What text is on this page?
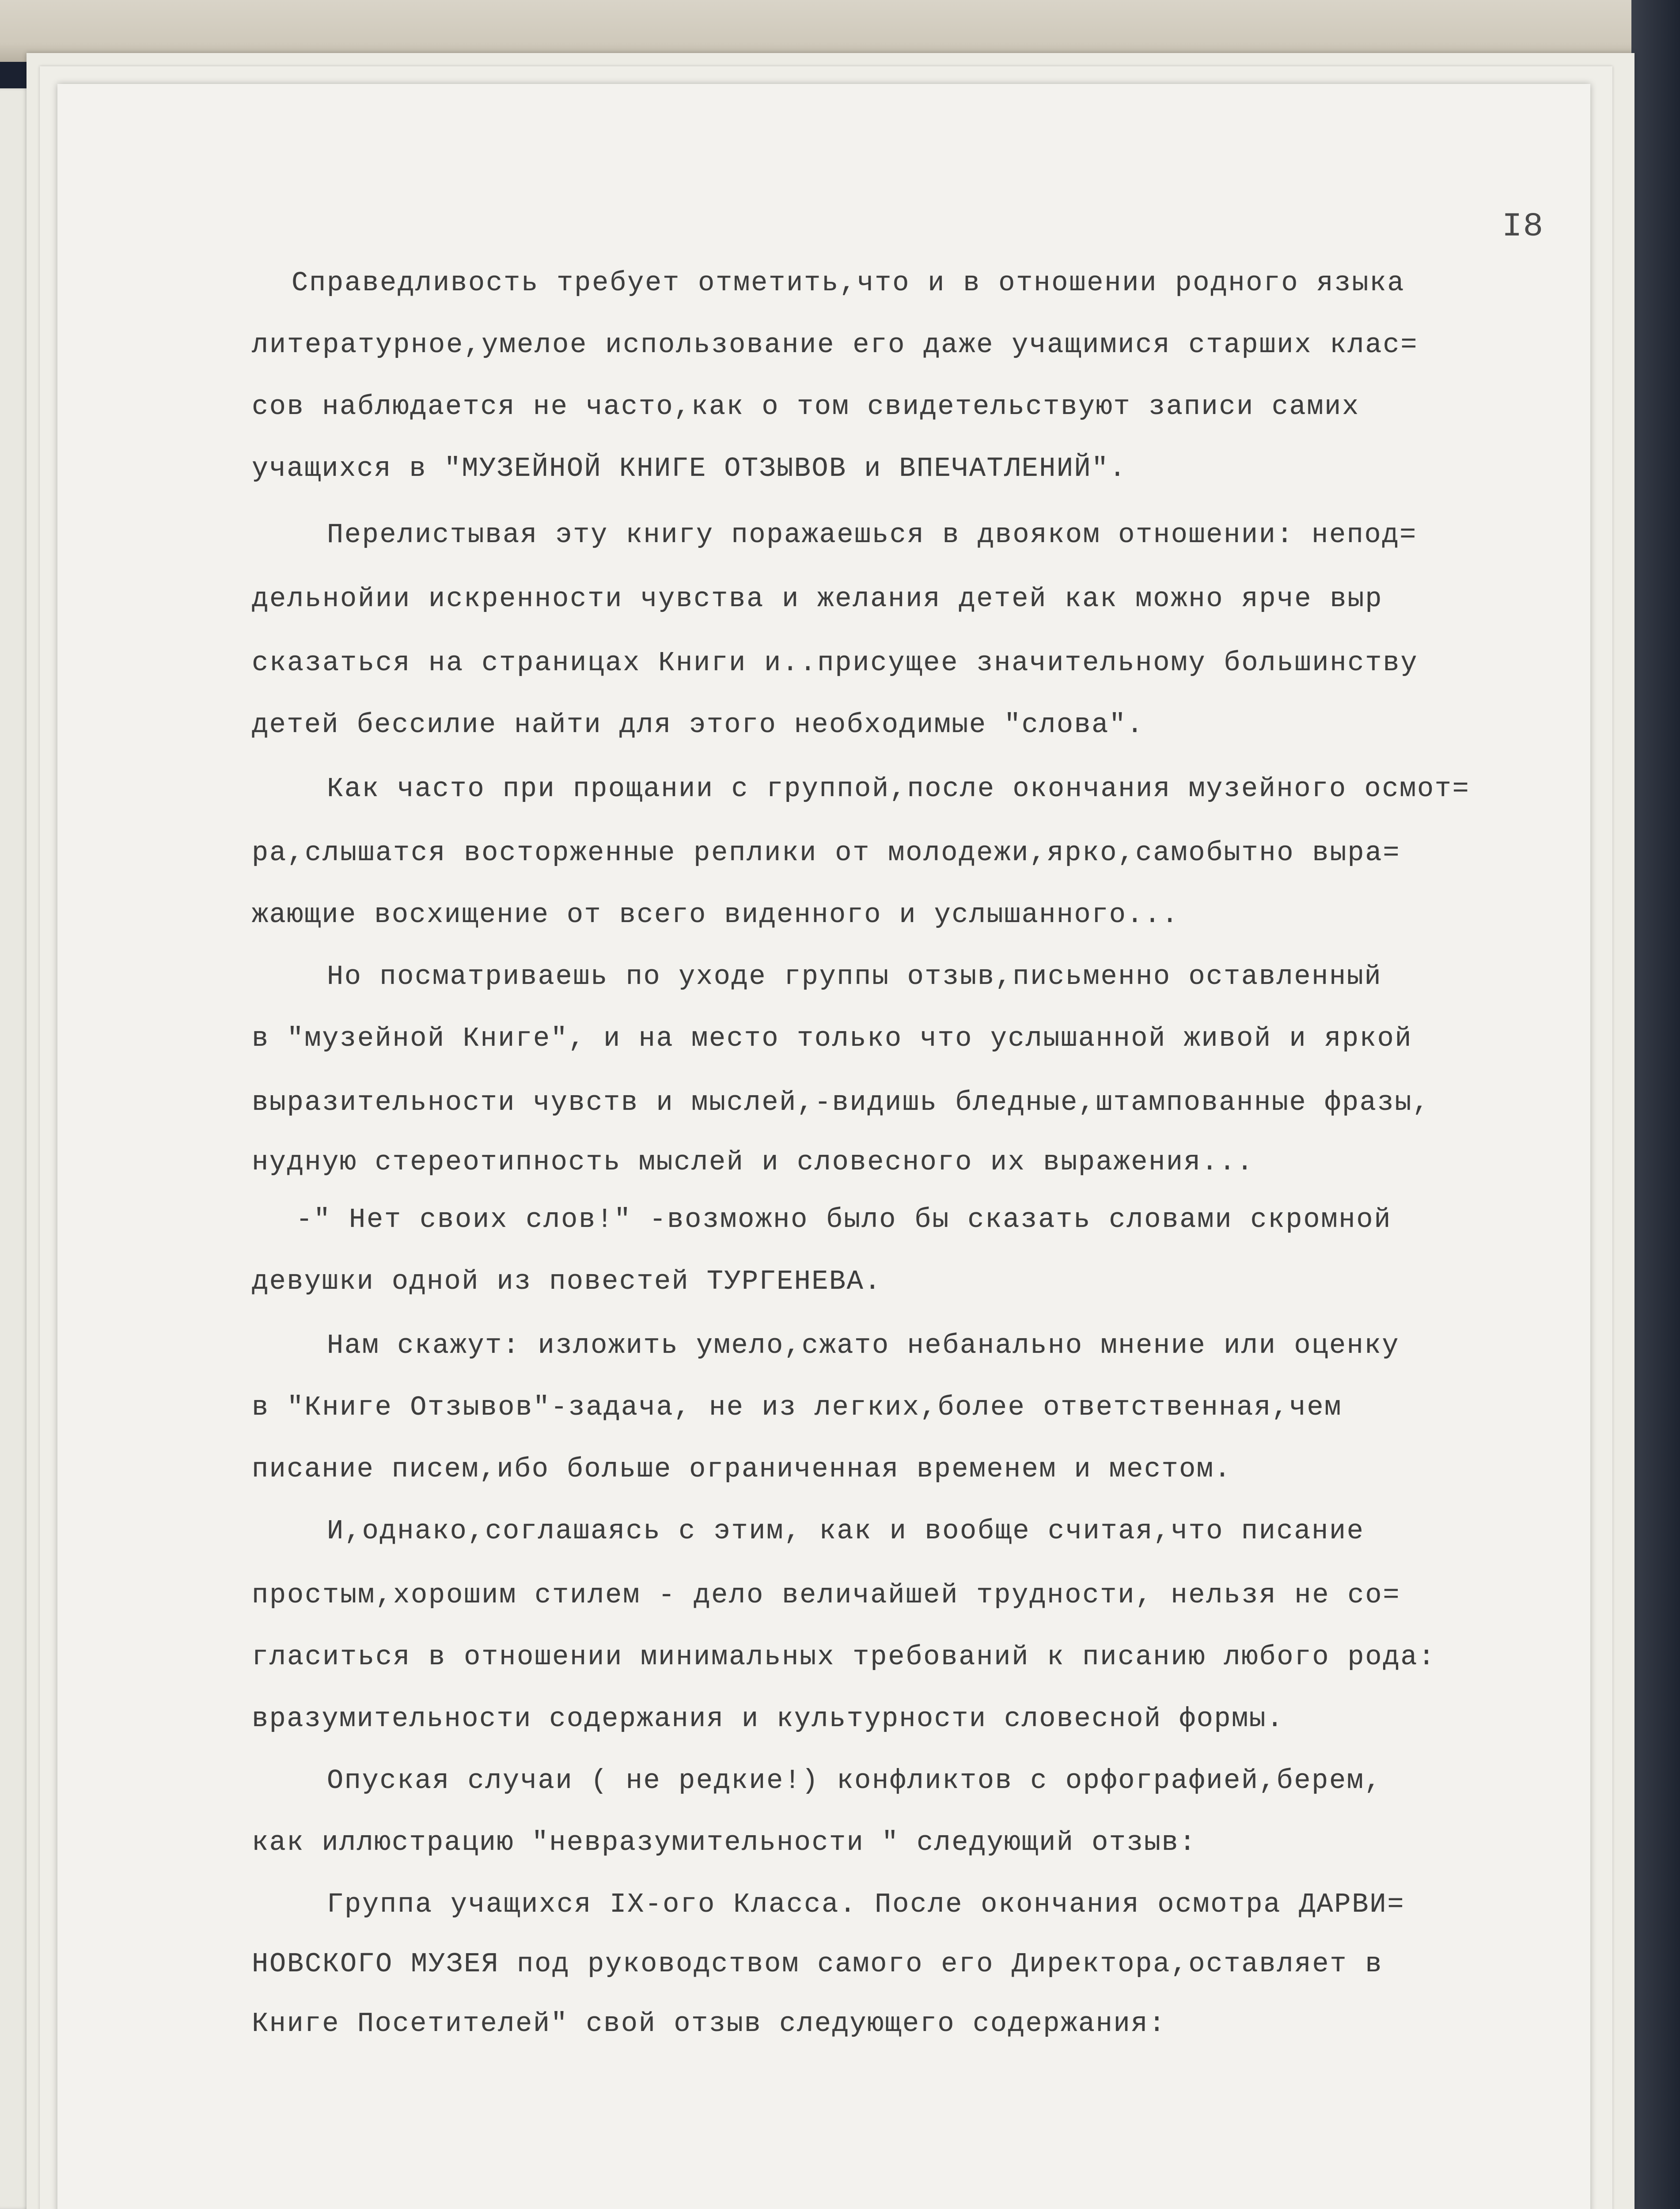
I8
Справедливость требует отметить,что и в отношении родного языка
литературное,умелое использование его даже учащимися старших клас=
сов наблюдается не часто,как о том свидетельствуют записи самих
учащихся в "МУЗЕЙНОЙ КНИГЕ ОТЗЫВОВ и ВПЕЧАТЛЕНИЙ".
Перелистывая эту книгу поражаешься в двояком отношении: непод=
дельнойии искренности чувства и желания детей как можно ярче выр
сказаться на страницах Книги и..присущее значительному большинству
детей бессилие найти для этого необходимые "слова".
Как часто при прощании с группой,после окончания музейного осмот=
ра,слышатся восторженные реплики от молодежи,ярко,самобытно выра=
жающие восхищение от всего виденного и услышанного...
Но посматриваешь по уходе группы отзыв,письменно оставленный
в "музейной Книге", и на место только что услышанной живой и яркой
выразительности чувств и мыслей,-видишь бледные,штампованные фразы,
нудную стереотипность мыслей и словесного их выражения...
-" Нет своих слов!" -возможно было бы сказать словами скромной
девушки одной из повестей ТУРГЕНЕВА.
Нам скажут: изложить умело,сжато небанально мнение или оценку
в "Книге Отзывов"-задача, не из легких,более ответственная,чем
писание писем,ибо больше ограниченная временем и местом.
И,однако,соглашаясь с этим, как и вообще считая,что писание
простым,хорошим стилем - дело величайшей трудности, нельзя не со=
гласиться в отношении минимальных требований к писанию любого рода:
вразумительности содержания и культурности словесной формы.
Опуская случаи ( не редкие!) конфликтов с орфографией,берем,
как иллюстрацию "невразумительности " следующий отзыв:
Группа учащихся IX-ого Класса. После окончания осмотра ДАРВИ=
НОВСКОГО МУЗЕЯ под руководством самого его Директора,оставляет в
Книге Посетителей" свой отзыв следующего содержания:
